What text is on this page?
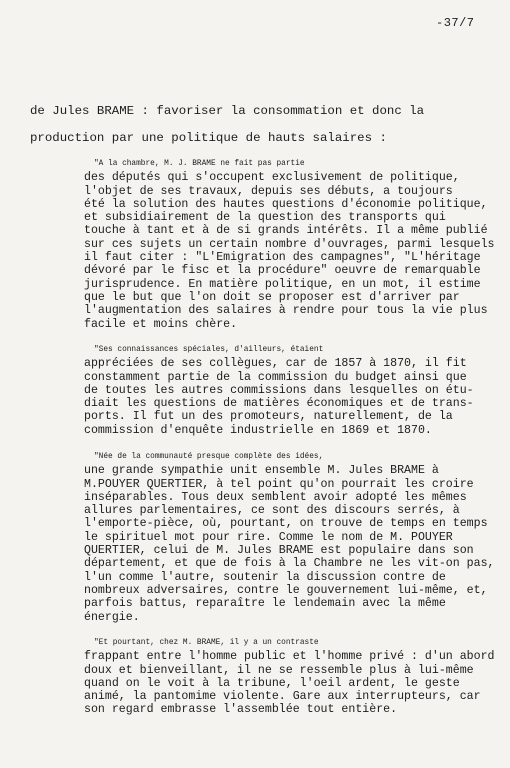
-37/7
de Jules BRAME : favoriser la consommation et donc la
production par une politique de hauts salaires :
"A la chambre, M. J. BRAME ne fait pas partie
des députés qui s'occupent exclusivement de politique,
l'objet de ses travaux, depuis ses débuts, a toujours
été la solution des hautes questions d'économie politique,
et subsidiairement de la question des transports qui
touche à tant et à de si grands intérêts. Il a même publié
sur ces sujets un certain nombre d'ouvrages, parmi lesquels
il faut citer : "L'Emigration des campagnes", "L'héritage
dévoré par le fisc et la procédure" oeuvre de remarquable
jurisprudence. En matière politique, en un mot, il estime
que le but que l'on doit se proposer est d'arriver par
l'augmentation des salaires à rendre pour tous la vie plus
facile et moins chère.
"Ses connaissances spéciales, d'ailleurs, étaient
appréciées de ses collègues, car de 1857 à 1870, il fit
constamment partie de la commission du budget ainsi que
de toutes les autres commissions dans lesquelles on étu-
diait les questions de matières économiques et de trans-
ports. Il fut un des promoteurs, naturellement, de la
commission d'enquête industrielle en 1869 et 1870.
"Née de la communauté presque complète des idées,
une grande sympathie unit ensemble M. Jules BRAME à
M.POUYER QUERTIER, à tel point qu'on pourrait les croire
inséparables. Tous deux semblent avoir adopté les mêmes
allures parlementaires, ce sont des discours serrés, à
l'emporte-pièce, où, pourtant, on trouve de temps en temps
le spirituel mot pour rire. Comme le nom de M. POUYER
QUERTIER, celui de M. Jules BRAME est populaire dans son
département, et que de fois à la Chambre ne les vit-on pas,
l'un comme l'autre, soutenir la discussion contre de
nombreux adversaires, contre le gouvernement lui-même, et,
parfois battus, reparaître le lendemain avec la même
énergie.
"Et pourtant, chez M. BRAME, il y a un contraste
frappant entre l'homme public et l'homme privé : d'un abord
doux et bienveillant, il ne se ressemble plus à lui-même
quand on le voit à la tribune, l'oeil ardent, le geste
animé, la pantomime violente. Gare aux interrupteurs, car
son regard embrasse l'assemblée tout entière.
